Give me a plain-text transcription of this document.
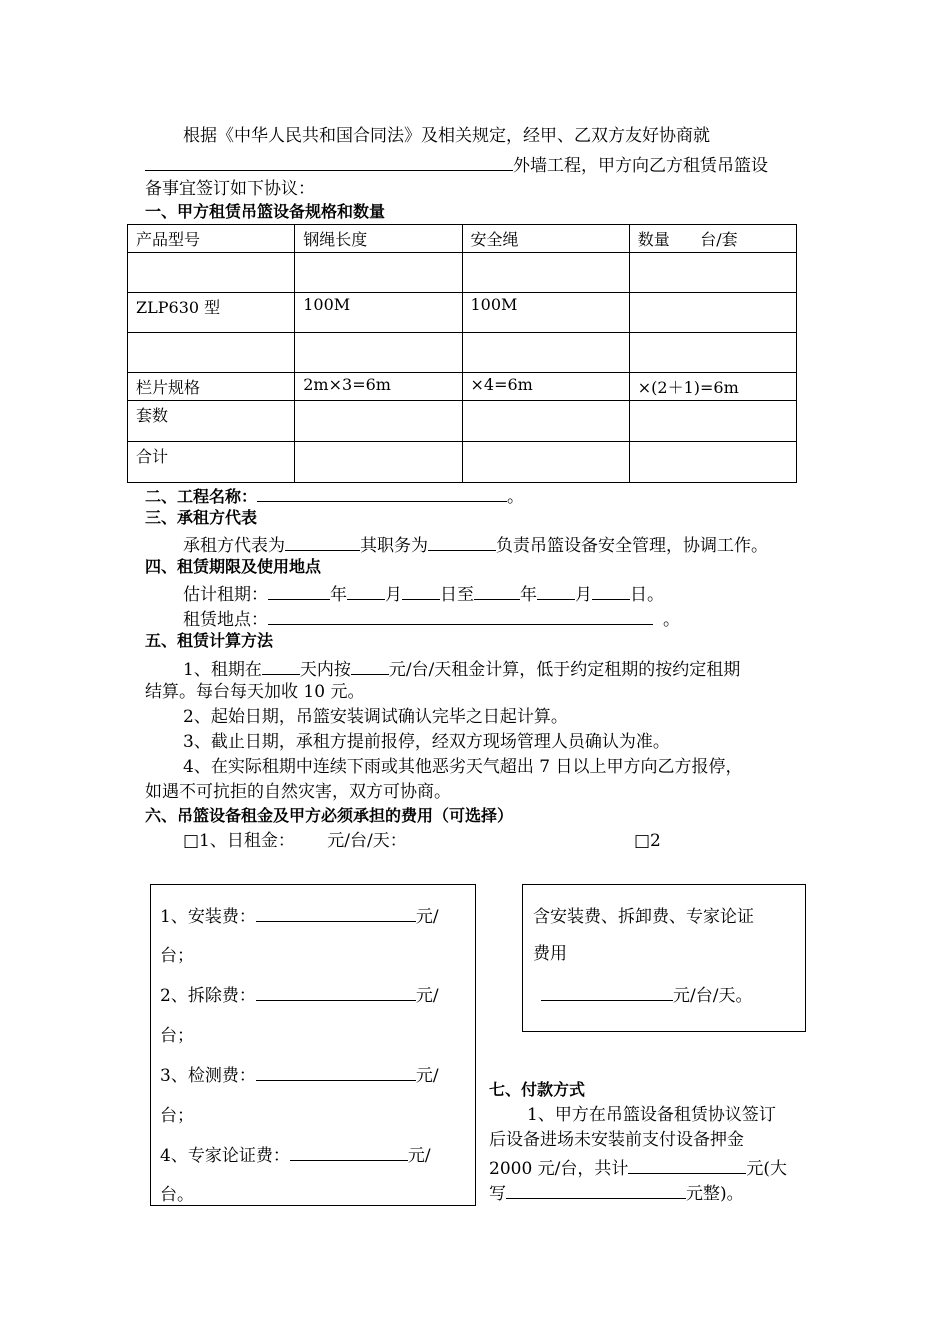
根据《中华人民共和国合同法》及相关规定，经甲、乙双方友好协商就
外墙工程，甲方向乙方租赁吊篮设
备事宜签订如下协议：
一、甲方租赁吊篮设备规格和数量
产品型号	钢绳长度	安全绳	数量      台/套

ZLP630 型	100M	100M	

栏片规格	2m×3=6m	×4=6m	×(2＋1)=6m
套数			
合计			
二、工程名称：	。
三、承租方代表
承租方代表为	其职务为	负责吊篮设备安全管理，协调工作。
四、租赁期限及使用地点
估计租期：	年 月 日至	年 月 日。
租赁地点：	。
五、租赁计算方法
1、租期在 天内按 元/台/天租金计算，低于约定租期的按约定租期
结算。每台每天加收 10 元。
2、起始日期，吊篮安装调试确认完毕之日起计算。
3、截止日期，承租方提前报停，经双方现场管理人员确认为准。
4、在实际租期中连续下雨或其他恶劣天气超出 7 日以上甲方向乙方报停，
如遇不可抗拒的自然灾害，双方可协商。
六、吊篮设备租金及甲方必须承担的费用（可选择）
□1、日租金：      元/台/天：	□2
1、安装费：	元/
台；
2、拆除费：	元/
台；
3、检测费：	元/
台；
4、专家论证费：	元/
台。
含安装费、拆卸费、专家论证
费用
元/台/天。
七、付款方式
1、甲方在吊篮设备租赁协议签订
后设备进场未安装前支付设备押金
2000 元/台，共计	元(大
写	元整)。
